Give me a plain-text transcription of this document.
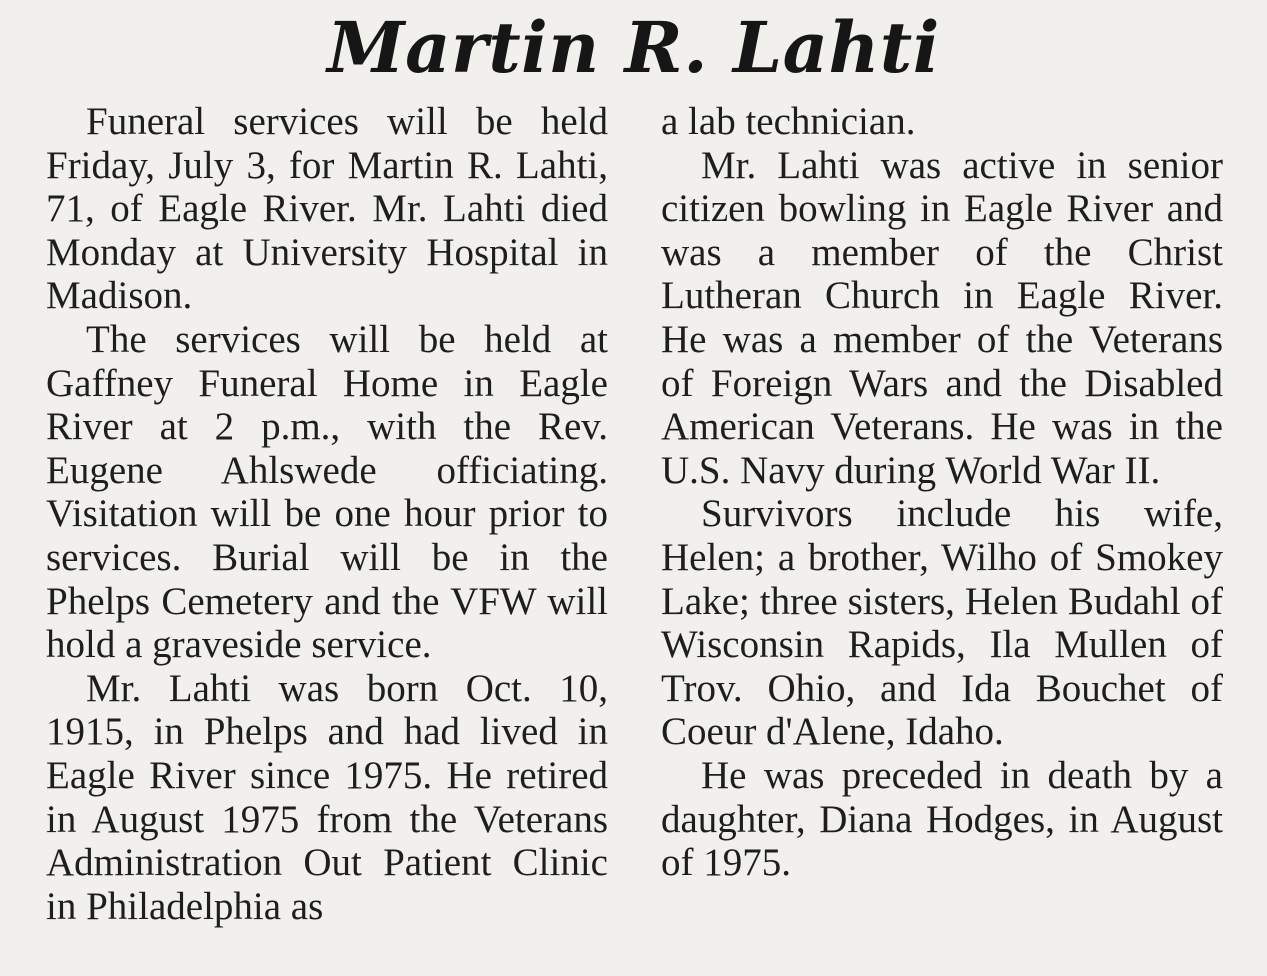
Martin R. Lahti

Funeral services will be held Friday, July 3, for Martin R. Lahti, 71, of Eagle River. Mr. Lahti died Monday at University Hospital in Madison.

The services will be held at Gaffney Funeral Home in Eagle River at 2 p.m., with the Rev. Eugene Ahlswede officiating. Visitation will be one hour prior to services. Burial will be in the Phelps Cemetery and the VFW will hold a graveside service.

Mr. Lahti was born Oct. 10, 1915, in Phelps and had lived in Eagle River since 1975. He retired in August 1975 from the Veterans Administration Out Patient Clinic in Philadelphia as

a lab technician.

Mr. Lahti was active in senior citizen bowling in Eagle River and was a member of the Christ Lutheran Church in Eagle River. He was a member of the Veterans of Foreign Wars and the Disabled American Veterans. He was in the U.S. Navy during World War II.

Survivors include his wife, Helen; a brother, Wilho of Smokey Lake; three sisters, Helen Budahl of Wisconsin Rapids, Ila Mullen of Trov. Ohio, and Ida Bouchet of Coeur d'Alene, Idaho.

He was preceded in death by a daughter, Diana Hodges, in August of 1975.
